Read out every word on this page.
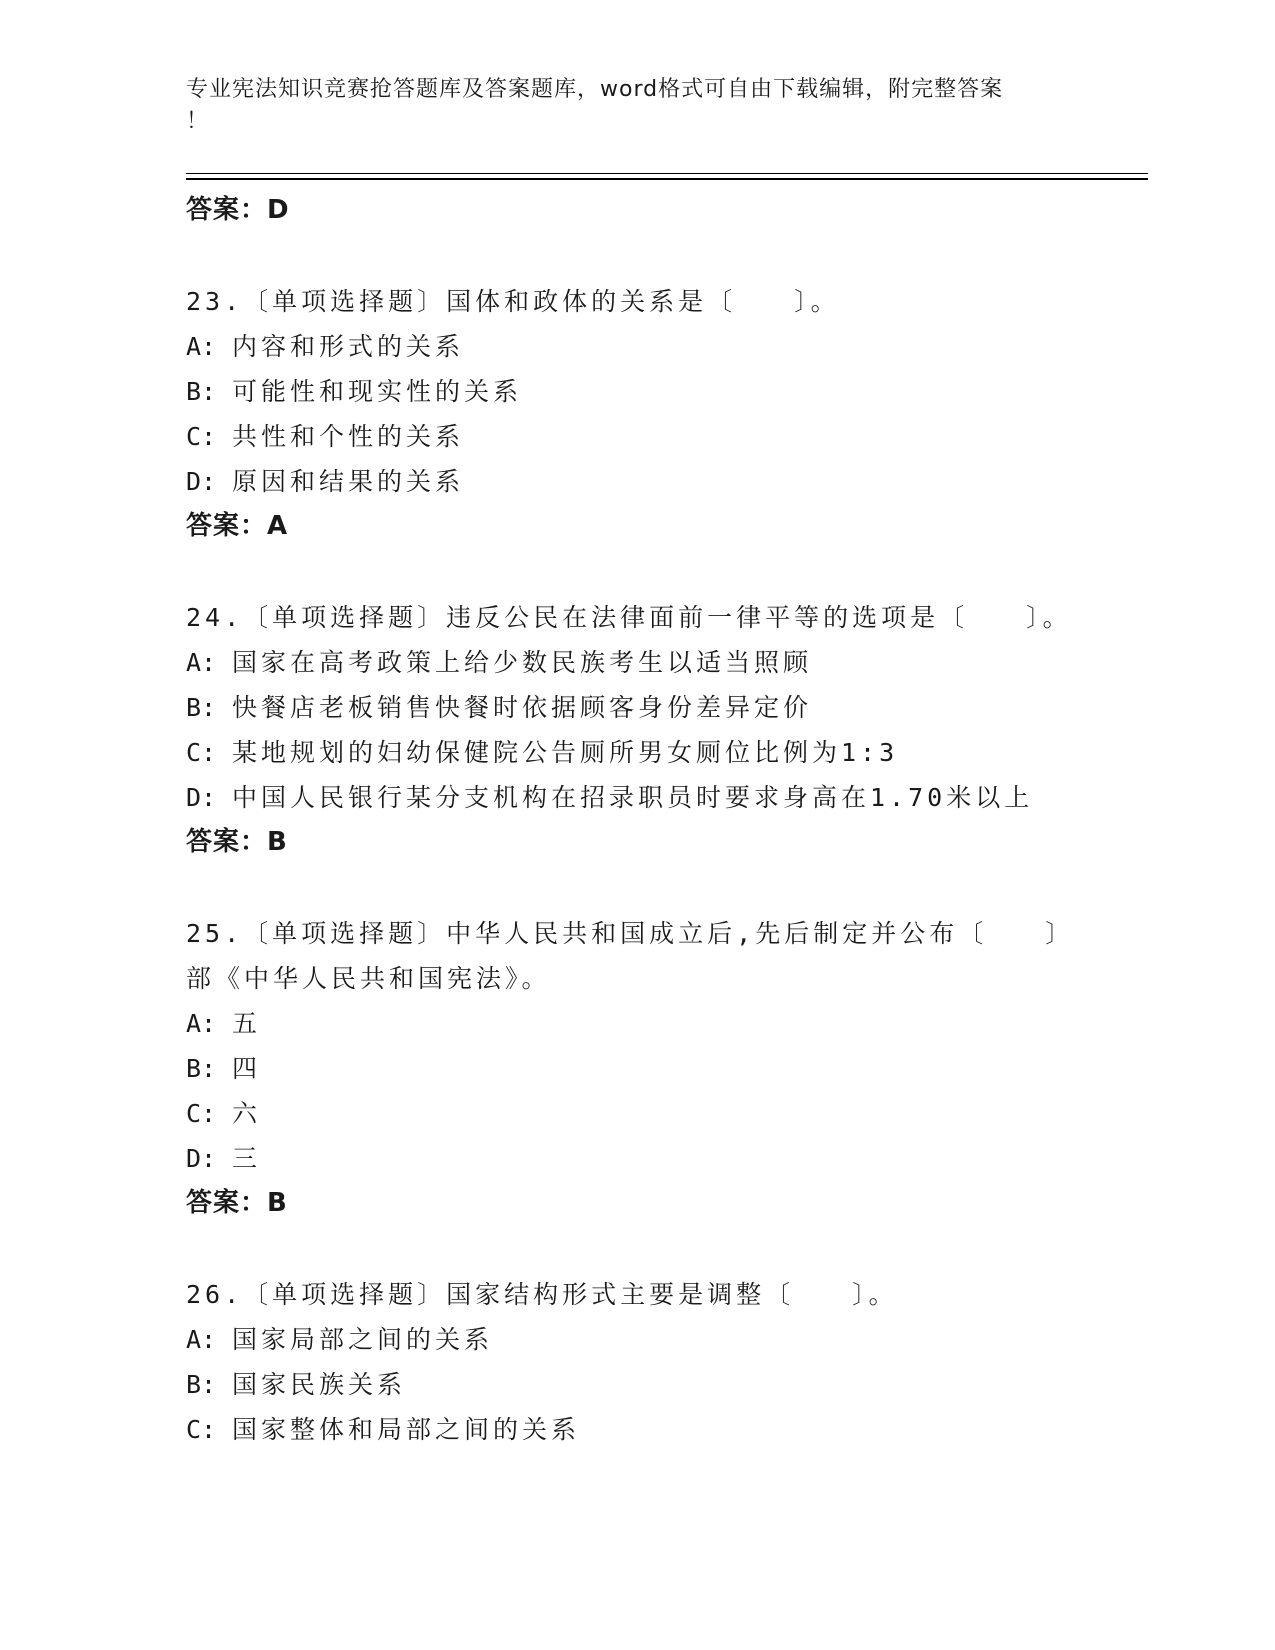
专业宪法知识竞赛抢答题库及答案题库，word格式可自由下载编辑，附完整答案
！
答案：D
23.〔单项选择题〕国体和政体的关系是〔　　〕。
A: 内容和形式的关系
B: 可能性和现实性的关系
C: 共性和个性的关系
D: 原因和结果的关系
答案：A
24.〔单项选择题〕违反公民在法律面前一律平等的选项是〔　　〕。
A: 国家在高考政策上给少数民族考生以适当照顾
B: 快餐店老板销售快餐时依据顾客身份差异定价
C: 某地规划的妇幼保健院公告厕所男女厕位比例为1:3
D: 中国人民银行某分支机构在招录职员时要求身高在1.70米以上
答案：B
25.〔单项选择题〕中华人民共和国成立后,先后制定并公布〔　　〕部《中华人民共和国宪法》。
A: 五
B: 四
C: 六
D: 三
答案：B
26.〔单项选择题〕国家结构形式主要是调整〔　　〕。
A: 国家局部之间的关系
B: 国家民族关系
C: 国家整体和局部之间的关系
